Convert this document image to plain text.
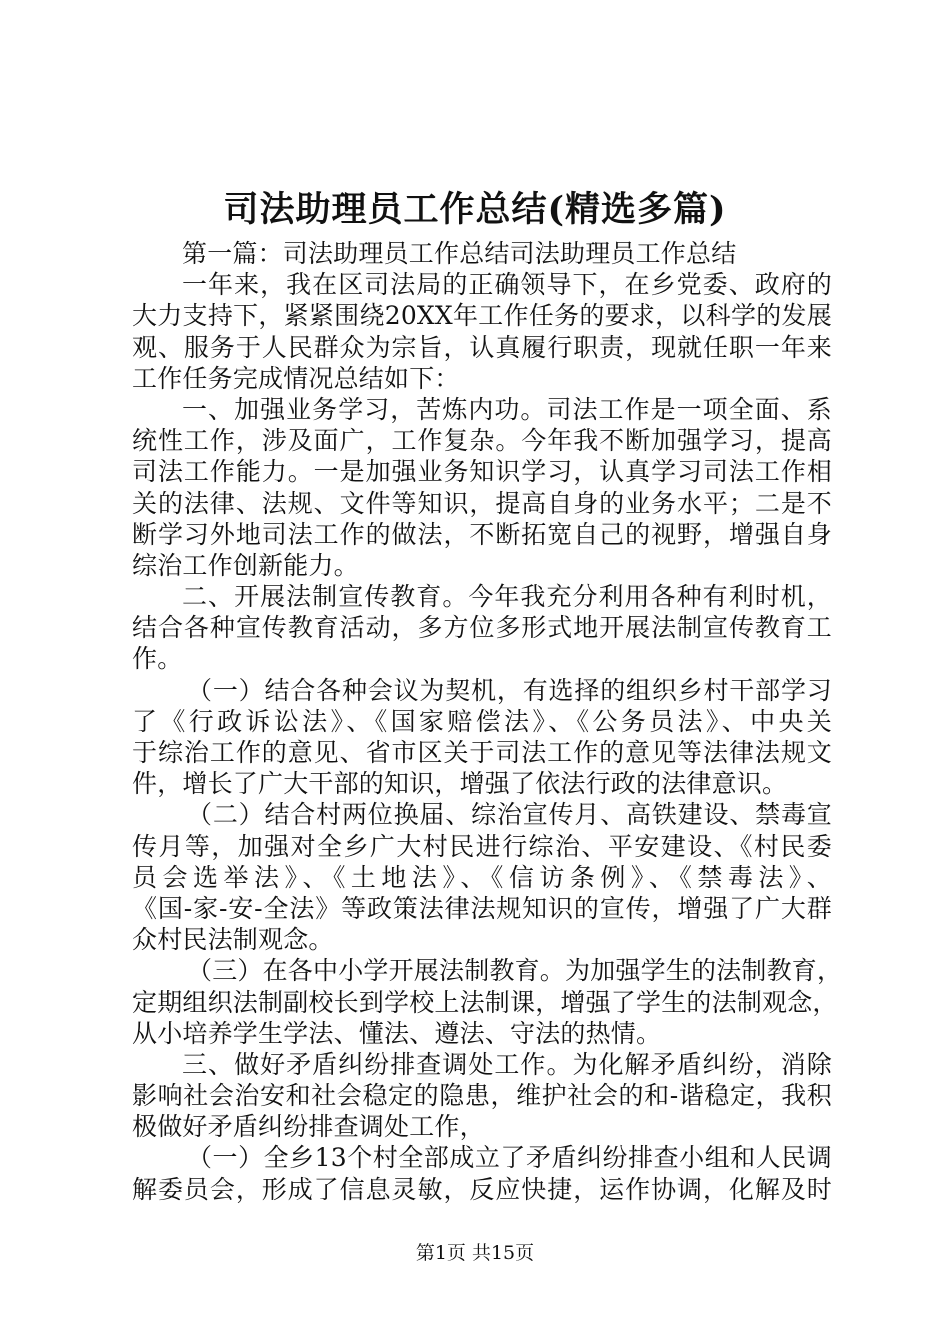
司法助理员工作总结(精选多篇)
第一篇：司法助理员工作总结司法助理员工作总结
一年来，我在区司法局的正确领导下，在乡党委、政府的
大力支持下，紧紧围绕20XX年工作任务的要求，以科学的发展
观、服务于人民群众为宗旨，认真履行职责，现就任职一年来
工作任务完成情况总结如下：
一、加强业务学习，苦炼内功。司法工作是一项全面、系
统性工作，涉及面广，工作复杂。今年我不断加强学习，提高
司法工作能力。一是加强业务知识学习，认真学习司法工作相
关的法律、法规、文件等知识，提高自身的业务水平；二是不
断学习外地司法工作的做法，不断拓宽自己的视野，增强自身
综治工作创新能力。
二、开展法制宣传教育。今年我充分利用各种有利时机，
结合各种宣传教育活动，多方位多形式地开展法制宣传教育工
作。
（一）结合各种会议为契机，有选择的组织乡村干部学习
了《行政诉讼法》、《国家赔偿法》、《公务员法》、中央关
于综治工作的意见、省市区关于司法工作的意见等法律法规文
件，增长了广大干部的知识，增强了依法行政的法律意识。
（二）结合村两位换届、综治宣传月、高铁建设、禁毒宣
传月等，加强对全乡广大村民进行综治、平安建设、《村民委
员会选举法》、《土地法》、《信访条例》、《禁毒法》、
《国-家-安-全法》等政策法律法规知识的宣传，增强了广大群
众村民法制观念。
（三）在各中小学开展法制教育。为加强学生的法制教育，
定期组织法制副校长到学校上法制课，增强了学生的法制观念，
从小培养学生学法、懂法、遵法、守法的热情。
三、做好矛盾纠纷排查调处工作。为化解矛盾纠纷，消除
影响社会治安和社会稳定的隐患，维护社会的和-谐稳定，我积
极做好矛盾纠纷排查调处工作，
（一）全乡13个村全部成立了矛盾纠纷排查小组和人民调
解委员会，形成了信息灵敏，反应快捷，运作协调，化解及时
第1页 共15页
